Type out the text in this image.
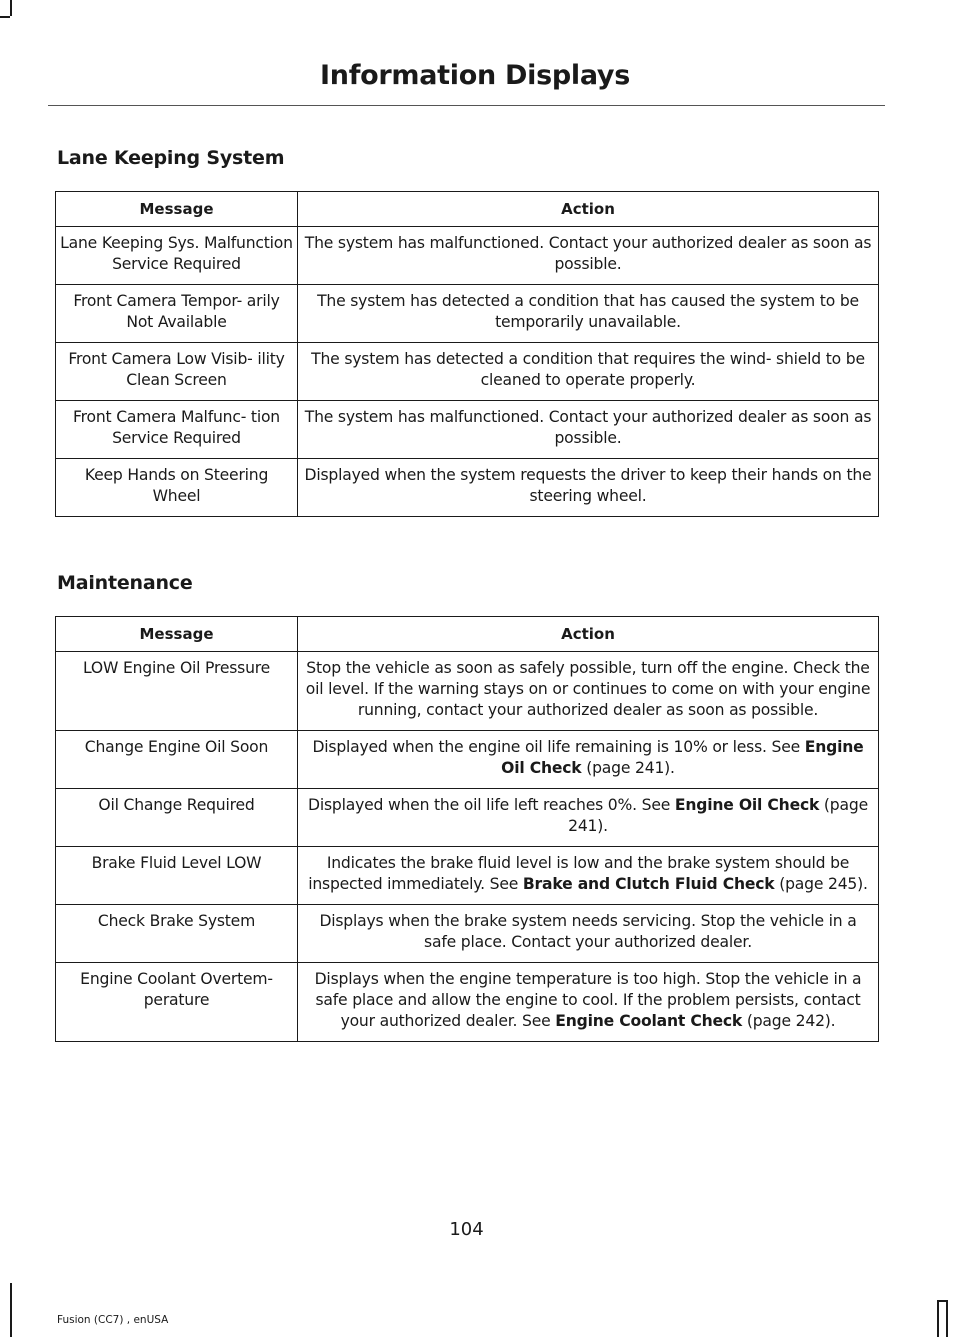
Information Displays
Lane Keeping System
Message	Action
Lane Keeping Sys. Malfunction Service Required	The system has malfunctioned. Contact your authorized dealer as soon as possible.
Front Camera Tempor- arily Not Available	The system has detected a condition that has caused the system to be temporarily unavailable.
Front Camera Low Visib- ility Clean Screen	The system has detected a condition that requires the wind- shield to be cleaned to operate properly.
Front Camera Malfunc- tion Service Required	The system has malfunctioned. Contact your authorized dealer as soon as possible.
Keep Hands on Steering Wheel	Displayed when the system requests the driver to keep their hands on the steering wheel.
Maintenance
Message	Action
LOW Engine Oil Pressure	Stop the vehicle as soon as safely possible, turn off the engine. Check the oil level. If the warning stays on or continues to come on with your engine running, contact your authorized dealer as soon as possible.
Change Engine Oil Soon	Displayed when the engine oil life remaining is 10% or less. See Engine Oil Check (page 241).
Oil Change Required	Displayed when the oil life left reaches 0%. See Engine Oil Check (page 241).
Brake Fluid Level LOW	Indicates the brake fluid level is low and the brake system should be inspected immediately. See Brake and Clutch Fluid Check (page 245).
Check Brake System	Displays when the brake system needs servicing. Stop the vehicle in a safe place. Contact your authorized dealer.
Engine Coolant Overtem- perature	Displays when the engine temperature is too high. Stop the vehicle in a safe place and allow the engine to cool. If the problem persists, contact your authorized dealer. See Engine Coolant Check (page 242).
104
Fusion (CC7) , enUSA
